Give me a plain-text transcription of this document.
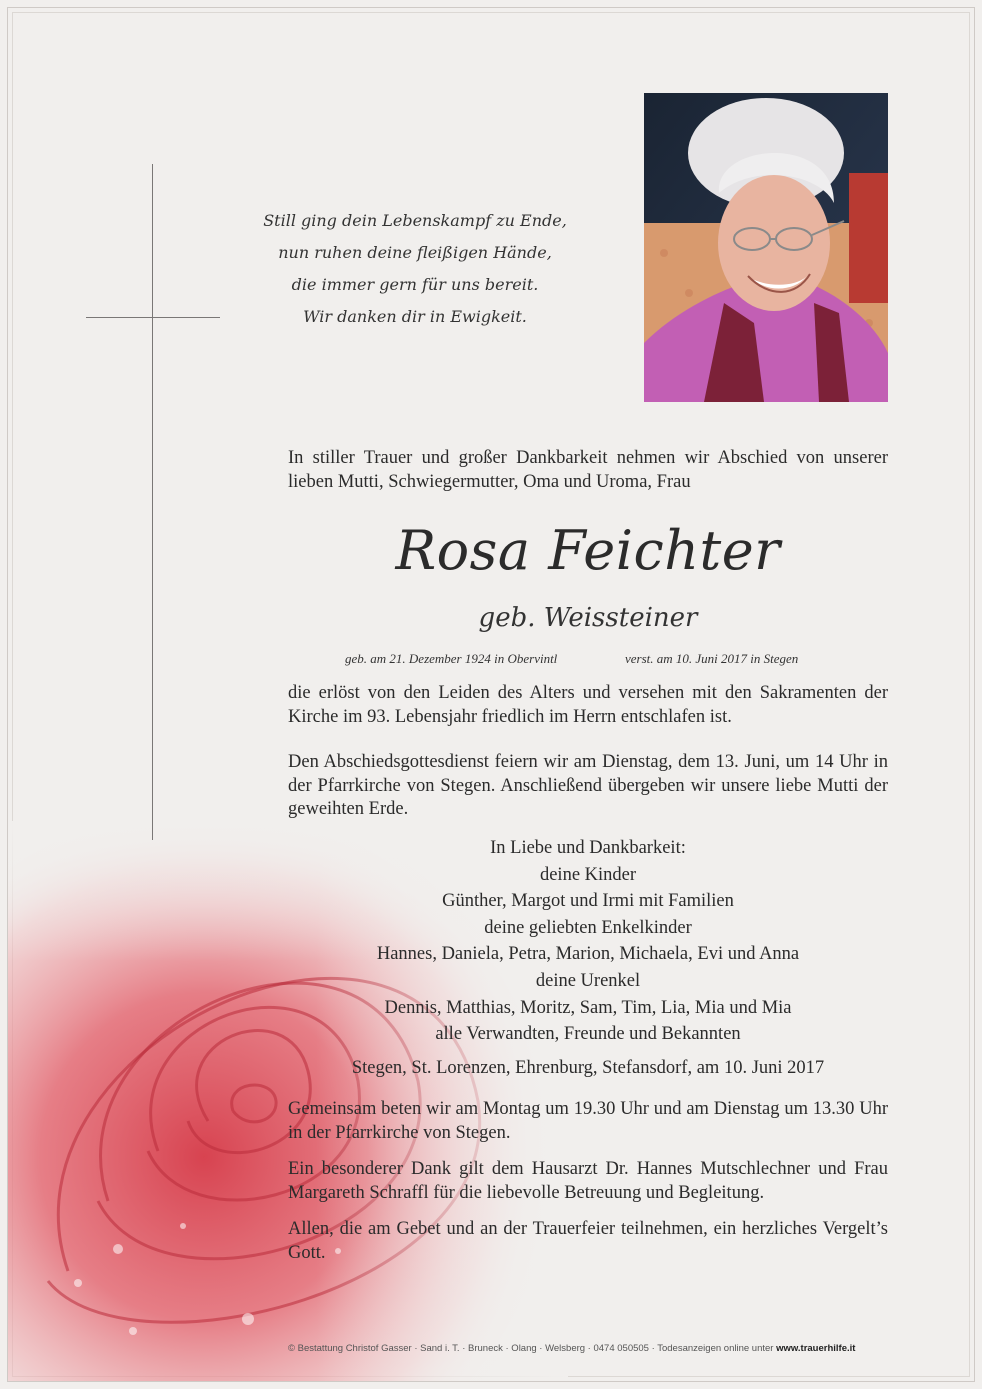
Still ging dein Lebenskampf zu Ende,
nun ruhen deine fleißigen Hände,
die immer gern für uns bereit.
Wir danken dir in Ewigkeit.
In stiller Trauer und großer Dankbarkeit nehmen wir Abschied von unserer lieben Mutti, Schwiegermutter, Oma und Uroma, Frau
Rosa Feichter
geb. Weissteiner
geb. am 21. Dezember 1924 in Obervintl	verst. am 10. Juni 2017 in Stegen
die erlöst von den Leiden des Alters und versehen mit den Sakramenten der Kirche im 93. Lebensjahr friedlich im Herrn entschlafen ist.
Den Abschiedsgottesdienst feiern wir am Dienstag, dem 13. Juni, um 14 Uhr in der Pfarrkirche von Stegen. Anschließend übergeben wir unsere liebe Mutti der geweihten Erde.
In Liebe und Dankbarkeit:
deine Kinder
Günther, Margot und Irmi mit Familien
deine geliebten Enkelkinder
Hannes, Daniela, Petra, Marion, Michaela, Evi und Anna
deine Urenkel
Dennis, Matthias, Moritz, Sam, Tim, Lia, Mia und Mia
alle Verwandten, Freunde und Bekannten
Stegen, St. Lorenzen, Ehrenburg, Stefansdorf, am 10. Juni 2017
Gemeinsam beten wir am Montag um 19.30 Uhr und am Dienstag um 13.30 Uhr in der Pfarrkirche von Stegen.
Ein besonderer Dank gilt dem Hausarzt Dr. Hannes Mutschlechner und Frau Margareth Schraffl für die liebevolle Betreuung und Begleitung.
Allen, die am Gebet und an der Trauerfeier teilnehmen, ein herzliches Vergelt’s Gott.
© Bestattung Christof Gasser · Sand i. T. · Bruneck · Olang · Welsberg · 0474 050505 · Todesanzeigen online unter www.trauerhilfe.it
